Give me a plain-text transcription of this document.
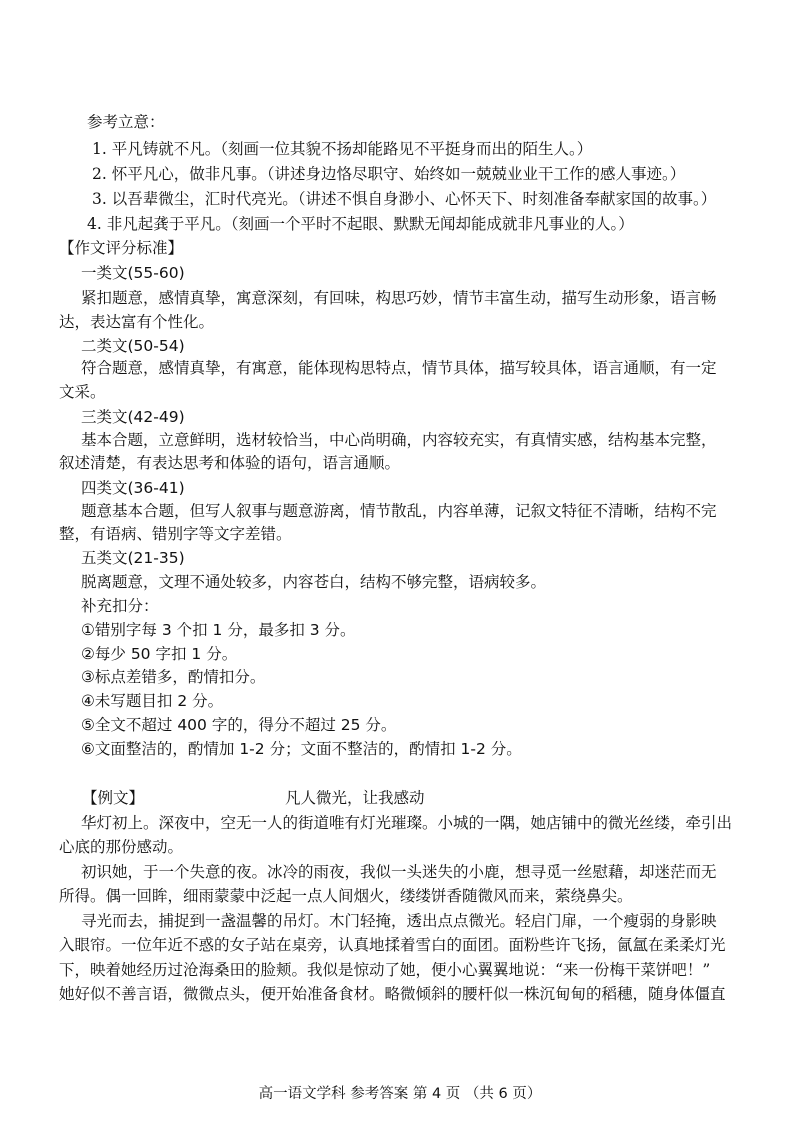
参考立意：
1. 平凡铸就不凡。（刻画一位其貌不扬却能路见不平挺身而出的陌生人。）
2. 怀平凡心，做非凡事。（讲述身边恪尽职守、始终如一兢兢业业干工作的感人事迹。）
3. 以吾辈微尘，汇时代亮光。（讲述不惧自身渺小、心怀天下、时刻准备奉献家国的故事。）
4. 非凡起龚于平凡。（刻画一个平时不起眼、默默无闻却能成就非凡事业的人。）
【作文评分标准】
一类文(55-60)
紧扣题意，感情真挚，寓意深刻，有回味，构思巧妙，情节丰富生动，描写生动形象，语言畅
达，表达富有个性化。
二类文(50-54)
符合题意，感情真挚，有寓意，能体现构思特点，情节具体，描写较具体，语言通顺，有一定
文采。
三类文(42-49)
基本合题，立意鲜明，选材较恰当，中心尚明确，内容较充实，有真情实感，结构基本完整，
叙述清楚，有表达思考和体验的语句，语言通顺。
四类文(36-41)
题意基本合题，但写人叙事与题意游离，情节散乱，内容单薄，记叙文特征不清晰，结构不完
整，有语病、错别字等文字差错。
五类文(21-35)
脱离题意，文理不通处较多，内容苍白，结构不够完整，语病较多。
补充扣分：
①错别字每 3 个扣 1 分，最多扣 3 分。
②每少 50 字扣 1 分。
③标点差错多，酌情扣分。
④未写题目扣 2 分。
⑤全文不超过 400 字的，得分不超过 25 分。
⑥文面整洁的，酌情加 1-2 分；文面不整洁的，酌情扣 1-2 分。
【例文】	凡人微光，让我感动
华灯初上。深夜中，空无一人的街道唯有灯光璀璨。小城的一隅，她店铺中的微光丝缕，牵引出
心底的那份感动。
初识她，于一个失意的夜。冰冷的雨夜，我似一头迷失的小鹿，想寻觅一丝慰藉，却迷茫而无
所得。偶一回眸，细雨蒙蒙中泛起一点人间烟火，缕缕饼香随微风而来，萦绕鼻尖。
寻光而去，捕捉到一盏温馨的吊灯。木门轻掩，透出点点微光。轻启门扉，一个瘦弱的身影映
入眼帘。一位年近不惑的女子站在桌旁，认真地揉着雪白的面团。面粉些许飞扬，氤氲在柔柔灯光
下，映着她经历过沧海桑田的脸颊。我似是惊动了她，便小心翼翼地说：“来一份梅干菜饼吧！”
她好似不善言语，微微点头，便开始准备食材。略微倾斜的腰杆似一株沉甸甸的稻穗，随身体僵直
高一语文学科 参考答案 第 4 页 （共 6 页）
